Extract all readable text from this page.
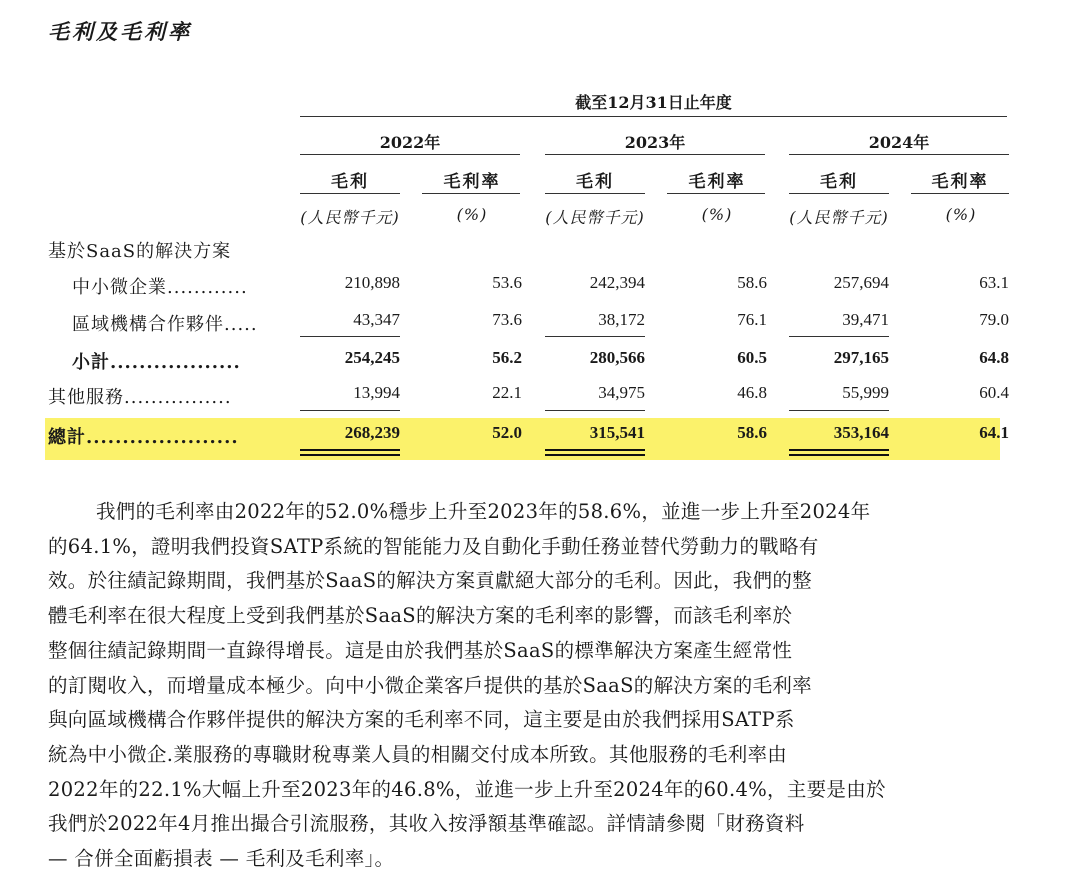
毛利及毛利率
截至12月31日止年度
2022年	2023年	2024年
毛利	毛利率	毛利	毛利率	毛利	毛利率
(人民幣千元)	(%)	(人民幣千元)	(%)	(人民幣千元)	(%)
基於SaaS的解決方案
中小微企業............	210,898	53.6	242,394	58.6	257,694	63.1
區域機構合作夥伴.....	43,347	73.6	38,172	76.1	39,471	79.0
小計..................	254,245	56.2	280,566	60.5	297,165	64.8
其他服務................	13,994	22.1	34,975	46.8	55,999	60.4
總計.....................	268,239	52.0	315,541	58.6	353,164	64.1
我們的毛利率由2022年的52.0%穩步上升至2023年的58.6%，並進一步上升至2024年
的64.1%，證明我們投資SATP系統的智能能力及自動化手動任務並替代勞動力的戰略有
效。於往績記錄期間，我們基於SaaS的解決方案貢獻絕大部分的毛利。因此，我們的整
體毛利率在很大程度上受到我們基於SaaS的解決方案的毛利率的影響，而該毛利率於
整個往績記錄期間一直錄得增長。這是由於我們基於SaaS的標準解決方案產生經常性
的訂閱收入，而增量成本極少。向中小微企業客戶提供的基於SaaS的解決方案的毛利率
與向區域機構合作夥伴提供的解決方案的毛利率不同，這主要是由於我們採用SATP系
統為中小微企.業服務的專職財稅專業人員的相關交付成本所致。其他服務的毛利率由
2022年的22.1%大幅上升至2023年的46.8%，並進一步上升至2024年的60.4%，主要是由於
我們於2022年4月推出撮合引流服務，其收入按淨額基準確認。詳情請參閱「財務資料
— 合併全面虧損表 — 毛利及毛利率」。
